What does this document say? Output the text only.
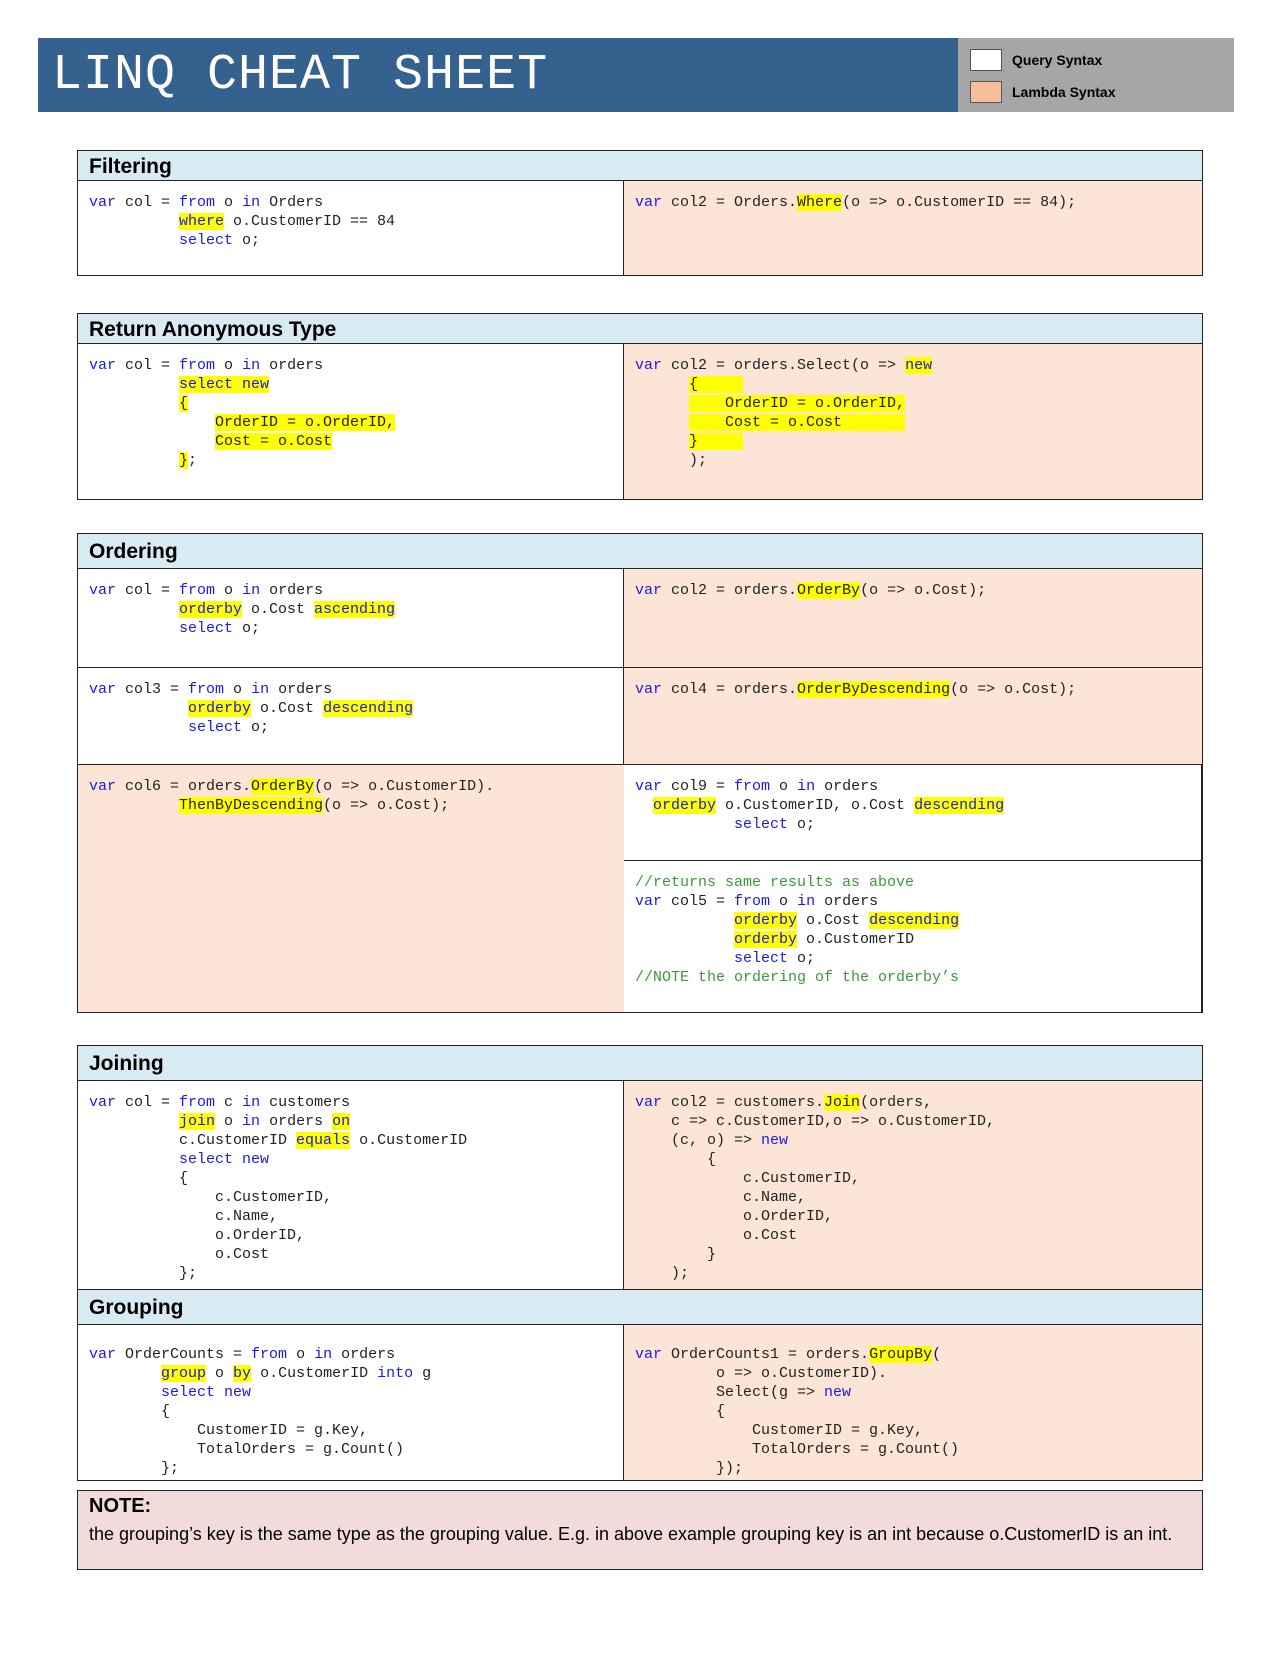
LINQ CHEAT SHEET	Query Syntax
Lambda Syntax
Filtering
var col = from o in Orders
where o.CustomerID == 84
select o;
var col2 = Orders.Where(o => o.CustomerID == 84);
Return Anonymous Type
var col = from o in orders
select new
{
OrderID = o.OrderID,
Cost = o.Cost
};
var col2 = orders.Select(o => new
{
OrderID = o.OrderID,
Cost = o.Cost
}
);
Ordering
var col = from o in orders
orderby o.Cost ascending
select o;
var col2 = orders.OrderBy(o => o.Cost);
var col3 = from o in orders
orderby o.Cost descending
select o;
var col4 = orders.OrderByDescending(o => o.Cost);
var col9 = from o in orders
orderby o.CustomerID, o.Cost descending
select o;
var col6 = orders.OrderBy(o => o.CustomerID).
ThenByDescending(o => o.Cost);
//returns same results as above
var col5 = from o in orders
orderby o.Cost descending
orderby o.CustomerID
select o;
//NOTE the ordering of the orderby’s
Joining
var col = from c in customers
join o in orders on
c.CustomerID equals o.CustomerID
select new
{
c.CustomerID,
c.Name,
o.OrderID,
o.Cost
};
var col2 = customers.Join(orders,
c => c.CustomerID,o => o.CustomerID,
(c, o) => new
{
c.CustomerID,
c.Name,
o.OrderID,
o.Cost
}
);
Grouping
var OrderCounts = from o in orders
group o by o.CustomerID into g
select new
{
CustomerID = g.Key,
TotalOrders = g.Count()
};
var OrderCounts1 = orders.GroupBy(
o => o.CustomerID).
Select(g => new
{
CustomerID = g.Key,
TotalOrders = g.Count()
});
NOTE:
the grouping’s key is the same type as the grouping value. E.g. in above example grouping key is an int because o.CustomerID is an int.
